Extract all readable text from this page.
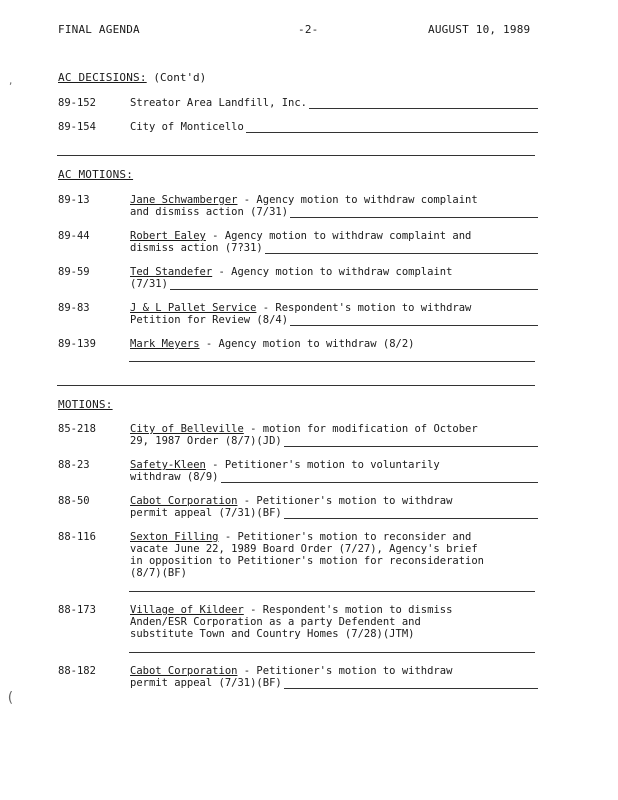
FINAL AGENDA	-2-	AUGUST 10, 1989
,
(
AC DECISIONS: (Cont'd)
89-152	Streator Area Landfill, Inc.
89-154	City of Monticello
AC MOTIONS:
89-13	Jane Schwamberger - Agency motion to withdraw complaint
and dismiss action (7/31)
89-44	Robert Ealey - Agency motion to withdraw complaint and
dismiss action (7?31)
89-59	Ted Standefer - Agency motion to withdraw complaint
(7/31)
89-83	J & L Pallet Service - Respondent's motion to withdraw
Petition for Review (8/4)
89-139	Mark Meyers - Agency motion to withdraw (8/2)
MOTIONS:
85-218	City of Belleville - motion for modification of October
29, 1987 Order (8/7)(JD)
88-23	Safety-Kleen - Petitioner's motion to voluntarily
withdraw (8/9)
88-50	Cabot Corporation - Petitioner's motion to withdraw
permit appeal (7/31)(BF)
88-116	Sexton Filling - Petitioner's motion to reconsider and
vacate June 22, 1989 Board Order (7/27), Agency's brief
in opposition to Petitioner's motion for reconsideration
(8/7)(BF)
88-173	Village of Kildeer - Respondent's motion to dismiss
Anden/ESR Corporation as a party Defendent and
substitute Town and Country Homes (7/28)(JTM)
88-182	Cabot Corporation - Petitioner's motion to withdraw
permit appeal (7/31)(BF)
